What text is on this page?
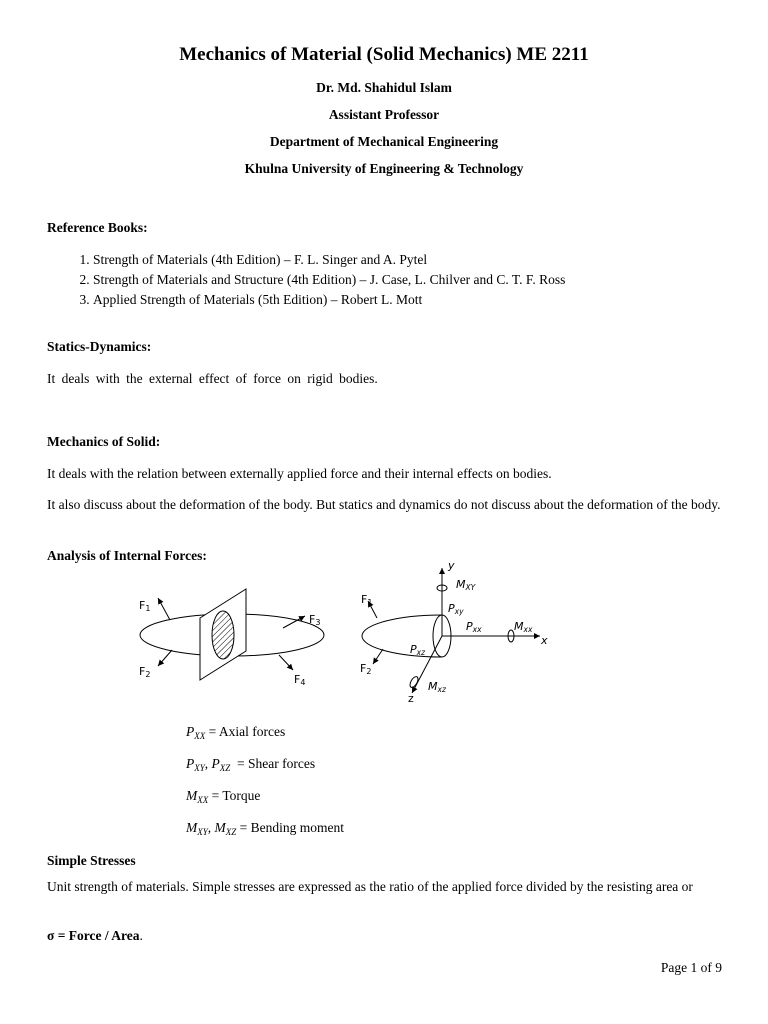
Mechanics of Material (Solid Mechanics) ME 2211
Dr. Md. Shahidul Islam
Assistant Professor
Department of Mechanical Engineering
Khulna University of Engineering & Technology
Reference Books:
1. Strength of Materials (4th Edition) – F. L. Singer and A. Pytel
2. Strength of Materials and Structure (4th Edition) – J. Case, L. Chilver and C. T. F. Ross
3. Applied Strength of Materials (5th Edition) – Robert L. Mott
Statics-Dynamics:
It deals with the external effect of force on rigid bodies.
Mechanics of Solid:
It deals with the relation between externally applied force and their internal effects on bodies.
It also discuss about the deformation of the body. But statics and dynamics do not discuss about the deformation of the body.
Analysis of Internal Forces:
F1
F3
F2	F4
y
x
z
MXY
Pxy
Pxx	Mxx
Pxz
Mxz
F1
F2
$P_{XX}$ = Axial forces
$P_{XY}$, $P_{XZ}$  = Shear forces
$M_{XX}$ = Torque
$M_{XY}$, $M_{XZ}$ = Bending moment
Simple Stresses
Unit strength of materials. Simple stresses are expressed as the ratio of the applied force divided by the resisting area or
σ = Force / Area.
Page 1 of 9
